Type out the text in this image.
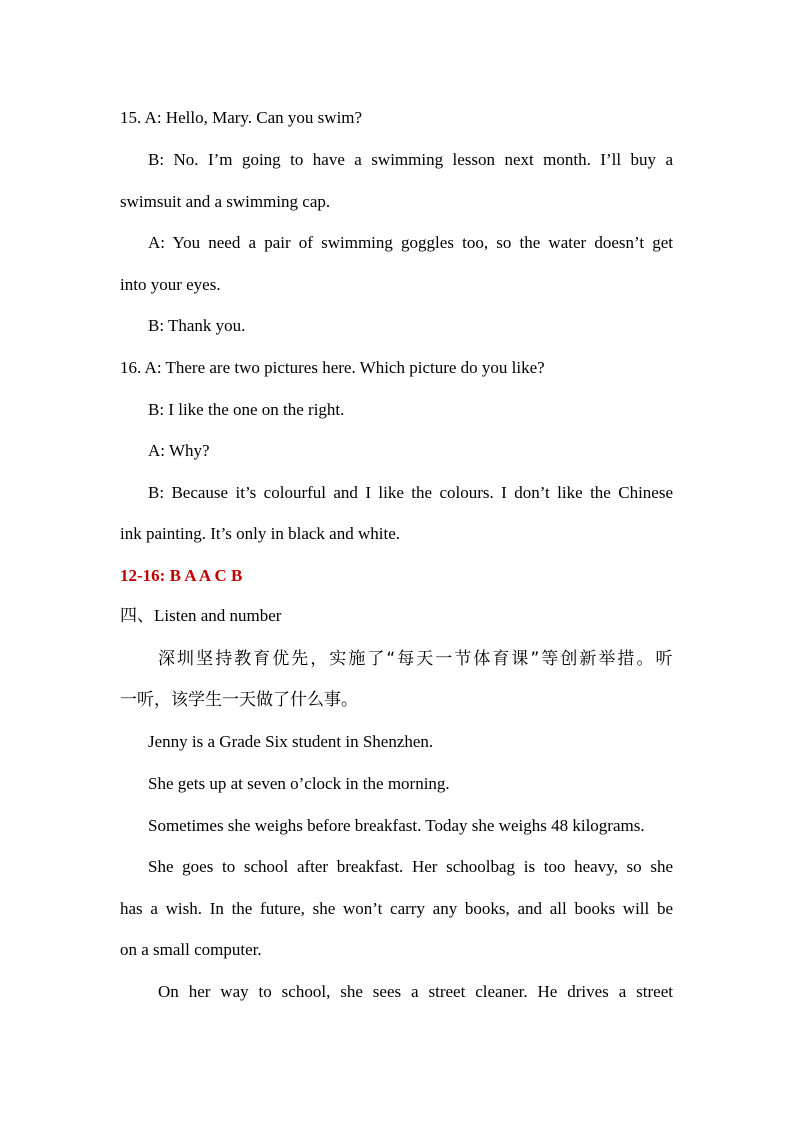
15. A: Hello, Mary. Can you swim?
B: No. I’m going to have a swimming lesson next month. I’ll buy a
swimsuit and a swimming cap.
A: You need a pair of swimming goggles too, so the water doesn’t get
into your eyes.
B: Thank you.
16. A: There are two pictures here. Which picture do you like?
B: I like the one on the right.
A: Why?
B: Because it’s colourful and I like the colours. I don’t like the Chinese
ink painting. It’s only in black and white.
12-16: B A A C B
四、Listen and number
深圳坚持教育优先，实施了“每天一节体育课”等创新举措。听
一听，该学生一天做了什么事。
Jenny is a Grade Six student in Shenzhen.
She gets up at seven o’clock in the morning.
Sometimes she weighs before breakfast. Today she weighs 48 kilograms.
She goes to school after breakfast. Her schoolbag is too heavy, so she
has a wish. In the future, she won’t carry any books, and all books will be
on a small computer.
On her way to school, she sees a street cleaner. He drives a street
